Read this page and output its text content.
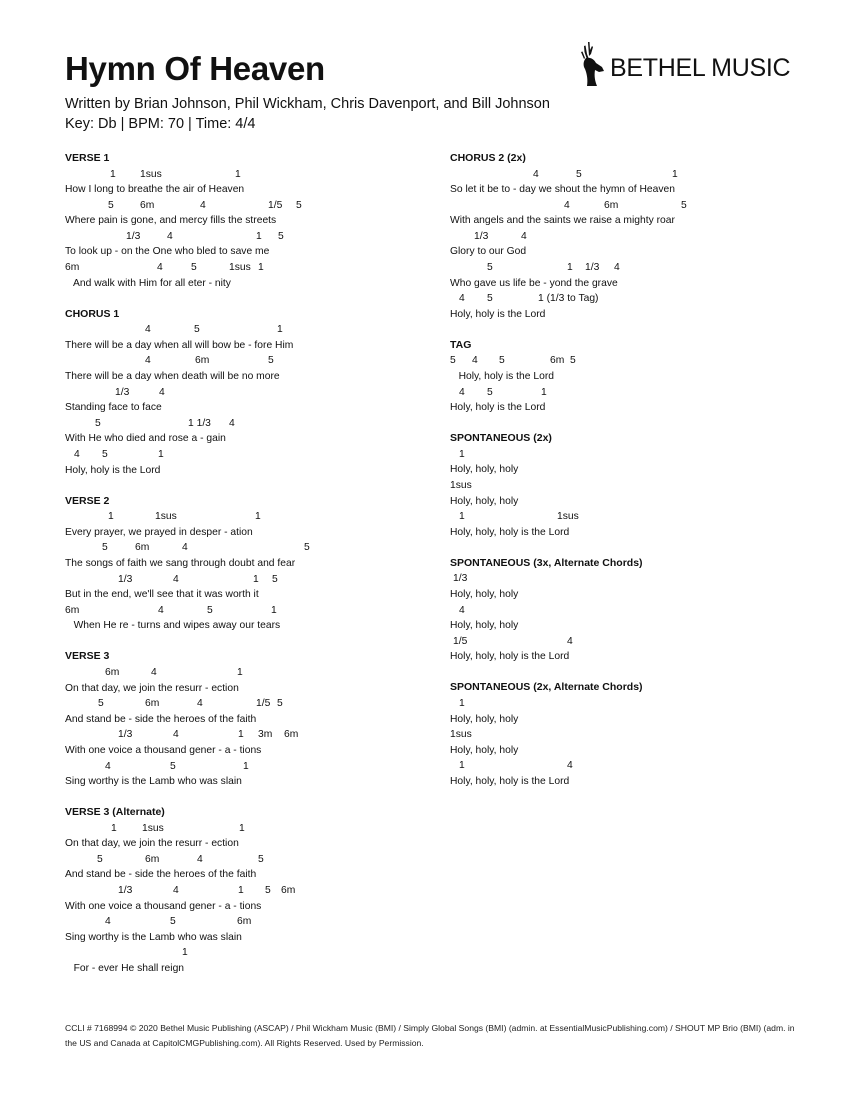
Hymn Of Heaven	BETHEL MUSIC
Written by Brian Johnson, Phil Wickham, Chris Davenport, and Bill Johnson
Key: Db | BPM: 70 | Time: 4/4
VERSE 1
1 1sus	1
How I long to breathe the air of Heaven
5	6m	4	1/5 5
Where pain is gone, and mercy fills the streets
1/3	4	1 5
To look up - on the One who bled to save me
6m	4	5	1sus 1
And walk with Him for all eter - nity
CHORUS 1
4	5	1
There will be a day when all will bow be - fore Him
4	6m	5
There will be a day when death will be no more
1/3	4
Standing face to face
5	1 1/3 4
With He who died and rose a - gain
4 5	1
Holy, holy is the Lord
VERSE 2
1	1sus	1
Every prayer, we prayed in desper - ation
5	6m	4	5
The songs of faith we sang through doubt and fear
1/3	4	1 5
But in the end, we'll see that it was worth it
6m	4	5	1
When He re - turns and wipes away our tears
VERSE 3
6m	4	1
On that day, we join the resurr - ection
5	6m	4	1/5 5
And stand be - side the heroes of the faith
1/3	4	1 3m 6m
With one voice a thousand gener - a - tions
4	5	1
Sing worthy is the Lamb who was slain
VERSE 3 (Alternate)
1 1sus	1
On that day, we join the resurr - ection
5	6m	4	5
And stand be - side the heroes of the faith
1/3	4	1 5 6m
With one voice a thousand gener - a - tions
4	5	6m
Sing worthy is the Lamb who was slain
1
For - ever He shall reign
CHORUS 2 (2x)
4	5	1
So let it be to - day we shout the hymn of Heaven
4	6m	5
With angels and the saints we raise a mighty roar
1/3	4
Glory to our God
5	1 1/3 4
Who gave us life be - yond the grave
4 5	1 (1/3 to Tag)
Holy, holy is the Lord
TAG
5 4 5	6m 5
Holy, holy is the Lord
4 5	1
Holy, holy is the Lord
SPONTANEOUS (2x)
1
Holy, holy, holy
1sus
Holy, holy, holy
1	1sus
Holy, holy, holy is the Lord
SPONTANEOUS (3x, Alternate Chords)
1/3
Holy, holy, holy
4
Holy, holy, holy
1/5	4
Holy, holy, holy is the Lord
SPONTANEOUS (2x, Alternate Chords)
1
Holy, holy, holy
1sus
Holy, holy, holy
1	4
Holy, holy, holy is the Lord
CCLI # 7168994 © 2020 Bethel Music Publishing (ASCAP) / Phil Wickham Music (BMI) / Simply Global Songs (BMI) (admin. at EssentialMusicPublishing.com) / SHOUT MP Brio (BMI) (adm. in the US and Canada at CapitolCMGPublishing.com). All Rights Reserved. Used by Permission.
